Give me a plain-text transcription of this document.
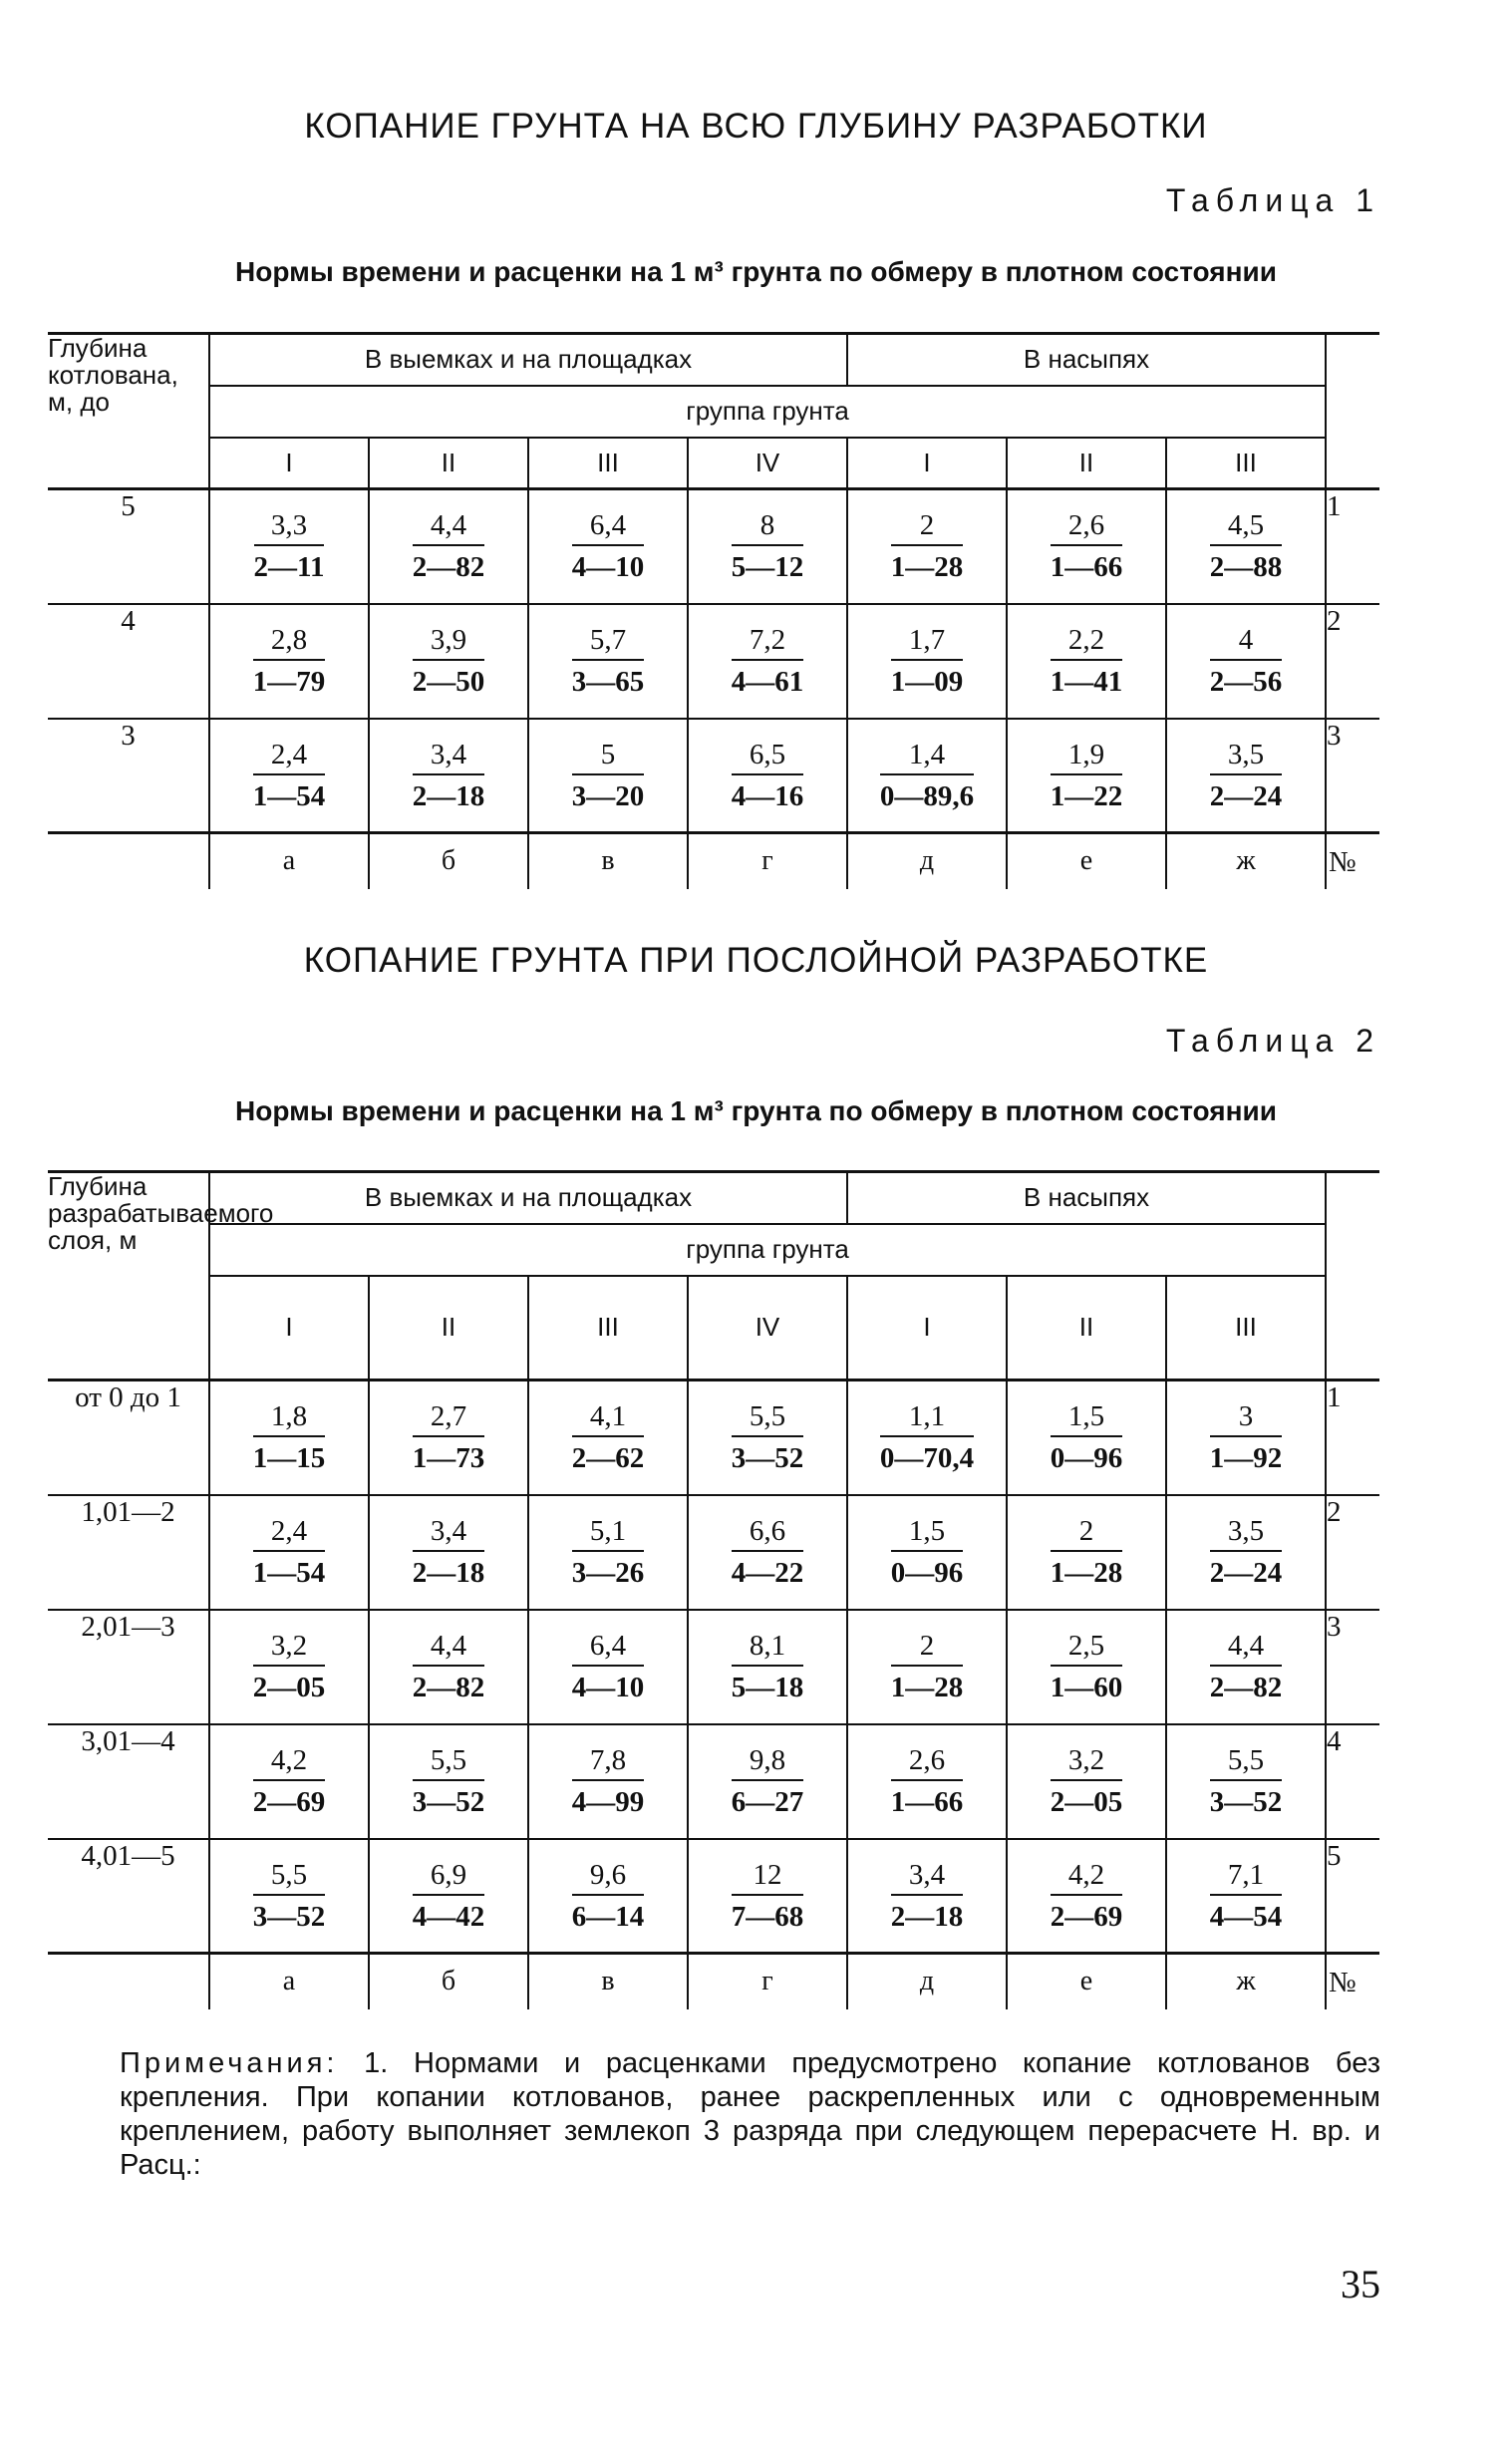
КОПАНИЕ ГРУНТА НА ВСЮ ГЛУБИНУ РАЗРАБОТКИ
Таблица 1
Нормы времени и расценки на 1 м³ грунта по обмеру в плотном состоянии
Глубина котлована, м, до	В выемках и на площадках				В насыпях			
	группа грунта							
	I	II	III	IV	I	II	III	
5	$\frac{3,3}{2—11}$	$\frac{4,4}{2—82}$	$\frac{6,4}{4—10}$	$\frac{8}{5—12}$	$\frac{2}{1—28}$	$\frac{2,6}{1—66}$	$\frac{4,5}{2—88}$	1
4	$\frac{2,8}{1—79}$	$\frac{3,9}{2—50}$	$\frac{5,7}{3—65}$	$\frac{7,2}{4—61}$	$\frac{1,7}{1—09}$	$\frac{2,2}{1—41}$	$\frac{4}{2—56}$	2
3	$\frac{2,4}{1—54}$	$\frac{3,4}{2—18}$	$\frac{5}{3—20}$	$\frac{6,5}{4—16}$	$\frac{1,4}{0—89,6}$	$\frac{1,9}{1—22}$	$\frac{3,5}{2—24}$	3
	а	б	в	г	д	е	ж	№
КОПАНИЕ ГРУНТА ПРИ ПОСЛОЙНОЙ РАЗРАБОТКЕ
Таблица 2
Нормы времени и расценки на 1 м³ грунта по обмеру в плотном состоянии
Глубина разрабатываемого слоя, м	В выемках и на площадках				В насыпях			
	группа грунта							
	I	II	III	IV	I	II	III	
от 0 до 1	$\frac{1,8}{1—15}$	$\frac{2,7}{1—73}$	$\frac{4,1}{2—62}$	$\frac{5,5}{3—52}$	$\frac{1,1}{0—70,4}$	$\frac{1,5}{0—96}$	$\frac{3}{1—92}$	1
1,01—2	$\frac{2,4}{1—54}$	$\frac{3,4}{2—18}$	$\frac{5,1}{3—26}$	$\frac{6,6}{4—22}$	$\frac{1,5}{0—96}$	$\frac{2}{1—28}$	$\frac{3,5}{2—24}$	2
2,01—3	$\frac{3,2}{2—05}$	$\frac{4,4}{2—82}$	$\frac{6,4}{4—10}$	$\frac{8,1}{5—18}$	$\frac{2}{1—28}$	$\frac{2,5}{1—60}$	$\frac{4,4}{2—82}$	3
3,01—4	$\frac{4,2}{2—69}$	$\frac{5,5}{3—52}$	$\frac{7,8}{4—99}$	$\frac{9,8}{6—27}$	$\frac{2,6}{1—66}$	$\frac{3,2}{2—05}$	$\frac{5,5}{3—52}$	4
4,01—5	$\frac{5,5}{3—52}$	$\frac{6,9}{4—42}$	$\frac{9,6}{6—14}$	$\frac{12}{7—68}$	$\frac{3,4}{2—18}$	$\frac{4,2}{2—69}$	$\frac{7,1}{4—54}$	5
	а	б	в	г	д	е	ж	№
Примечания: 1. Нормами и расценками предусмотрено копание котлованов без крепления. При копании котлованов, ранее раскрепленных или с одновременным креплением, работу выполняет землекоп 3 разряда при следующем перерасчете Н. вр. и Расц.:
35
